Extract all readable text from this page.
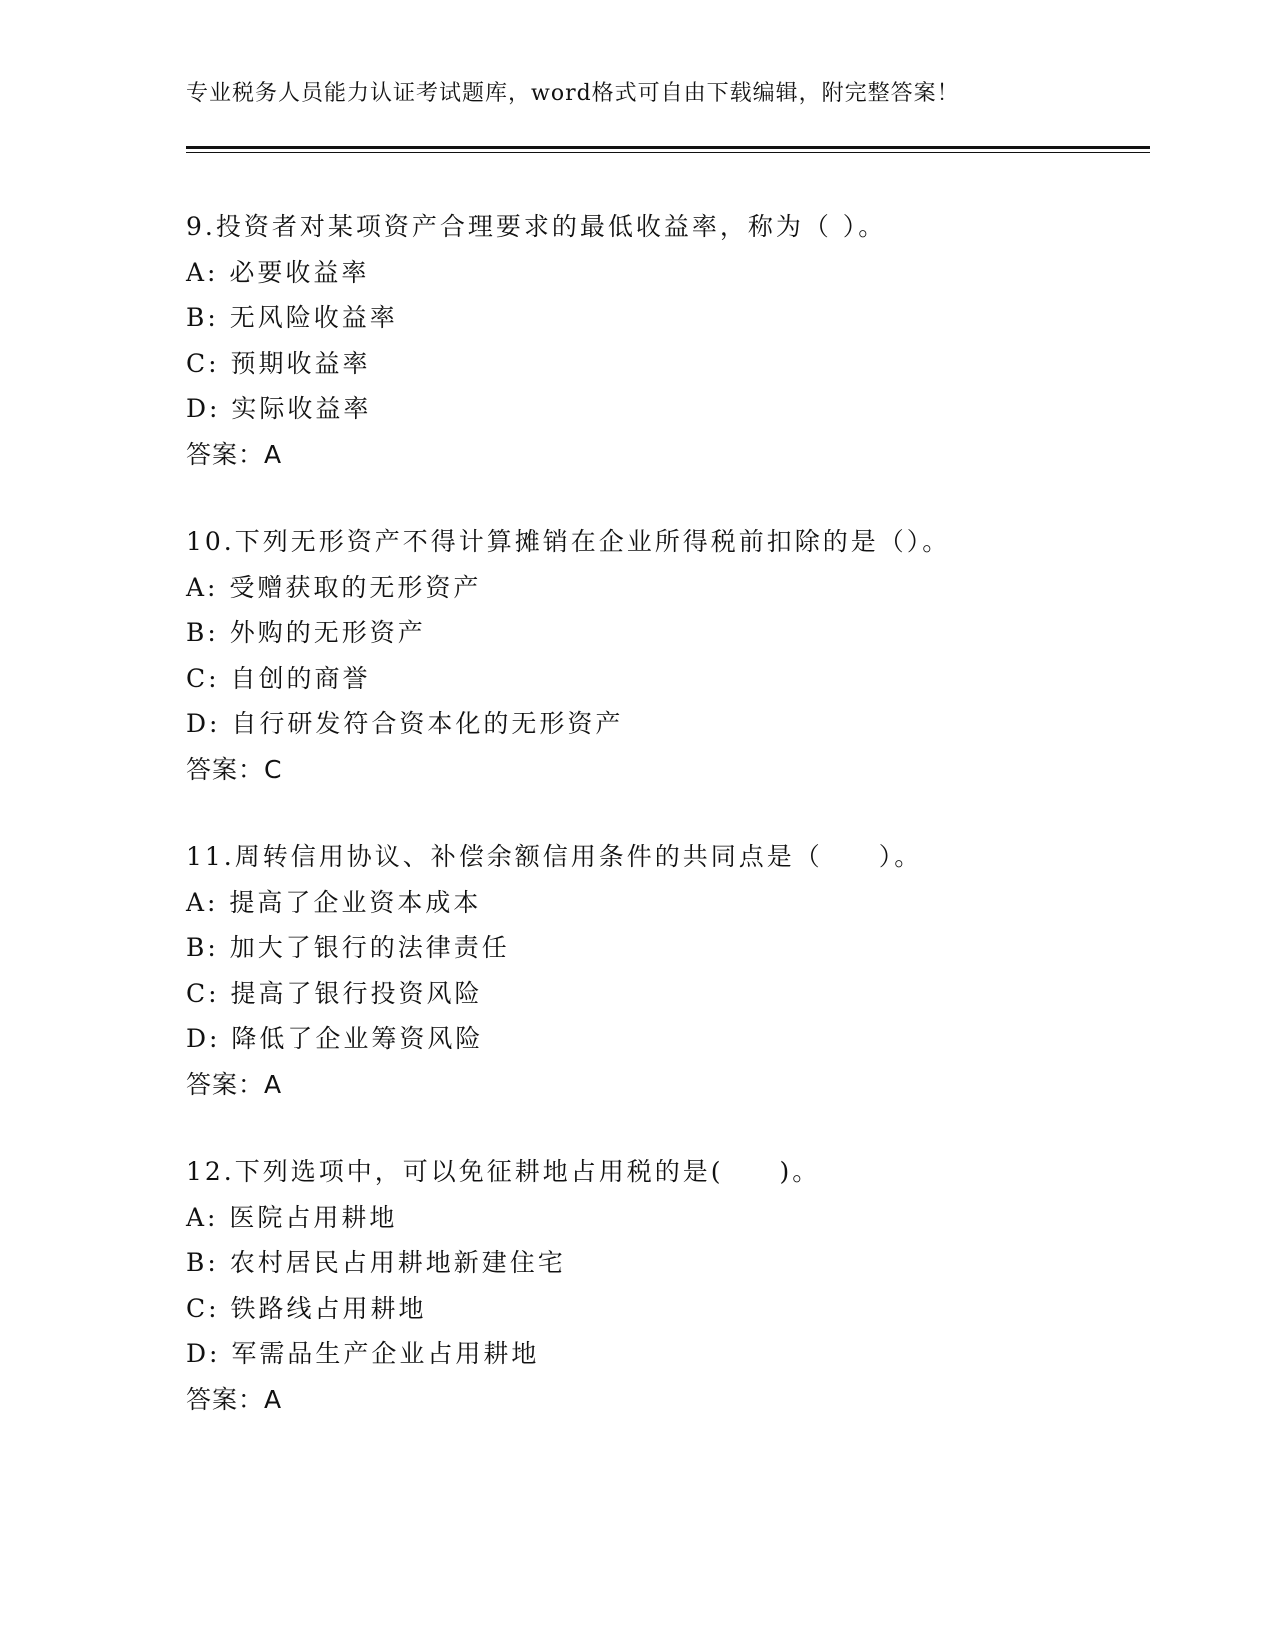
专业税务人员能力认证考试题库，word格式可自由下载编辑，附完整答案！
9.投资者对某项资产合理要求的最低收益率，称为（ ）。
A: 必要收益率
B: 无风险收益率
C: 预期收益率
D: 实际收益率
答案：A
10.下列无形资产不得计算摊销在企业所得税前扣除的是（）。
A: 受赠获取的无形资产
B: 外购的无形资产
C: 自创的商誉
D: 自行研发符合资本化的无形资产
答案：C
11.周转信用协议、补偿余额信用条件的共同点是（　　）。
A: 提高了企业资本成本
B: 加大了银行的法律责任
C: 提高了银行投资风险
D: 降低了企业筹资风险
答案：A
12.下列选项中，可以免征耕地占用税的是(　　)。
A: 医院占用耕地
B: 农村居民占用耕地新建住宅
C: 铁路线占用耕地
D: 军需品生产企业占用耕地
答案：A
